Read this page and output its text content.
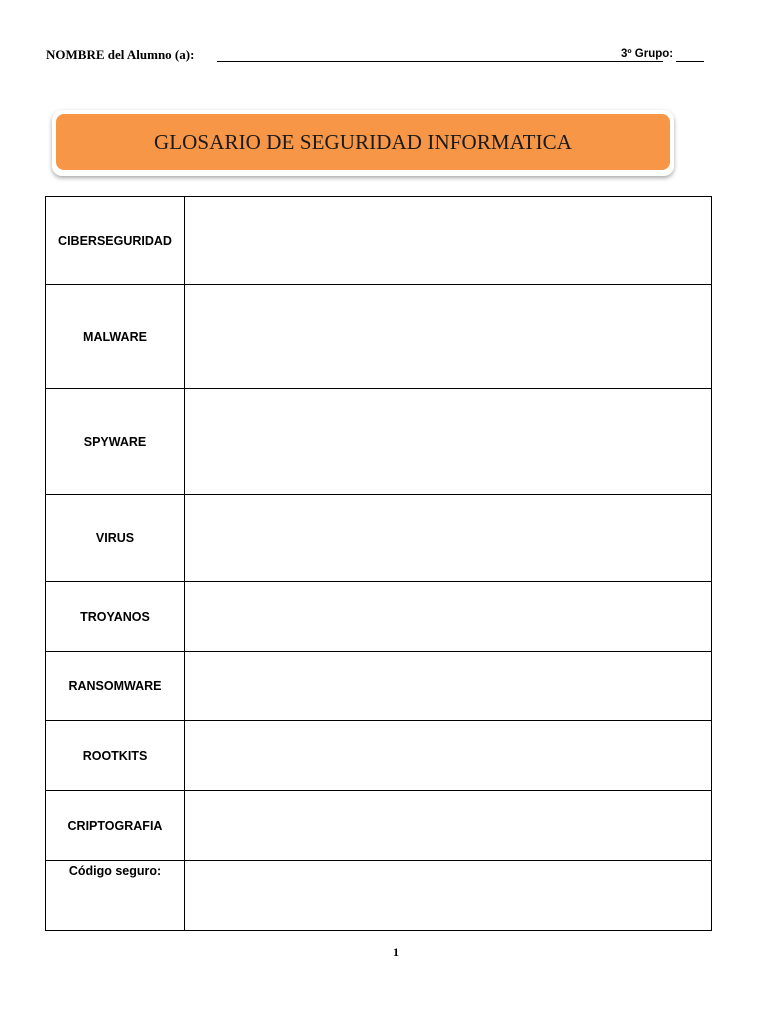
NOMBRE del Alumno (a):	3º Grupo:
GLOSARIO DE SEGURIDAD INFORMATICA
CIBERSEGURIDAD	
MALWARE	
SPYWARE	
VIRUS	
TROYANOS	
RANSOMWARE	
ROOTKITS	
CRIPTOGRAFIA	
Código seguro:	
1
